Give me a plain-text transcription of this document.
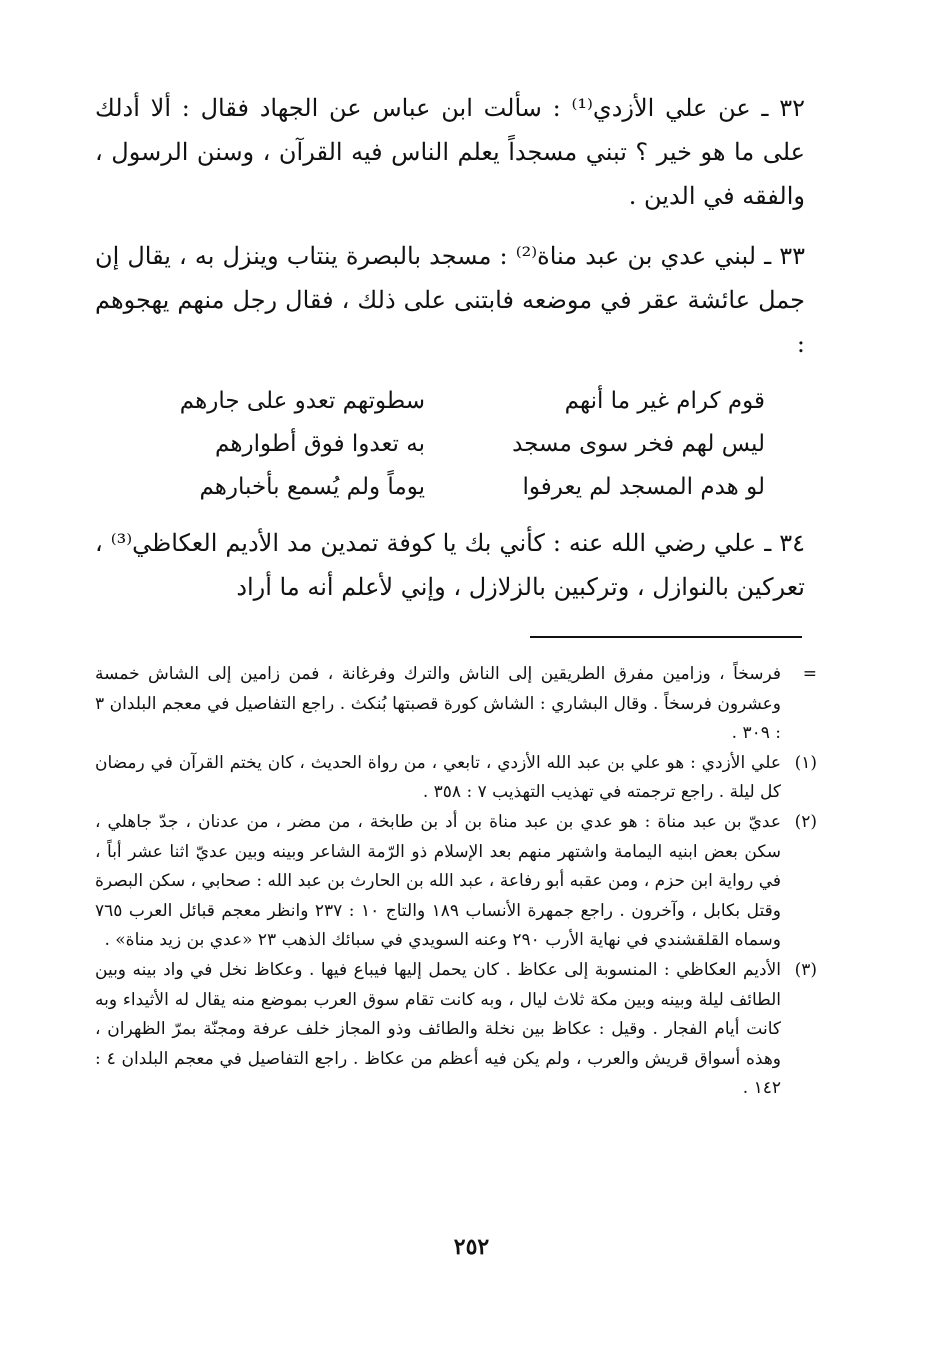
٣٢ ـ عن علي الأزدي⁽¹⁾ : سألت ابن عباس عن الجهاد فقال : ألا أدلك على ما هو خير ؟ تبني مسجداً يعلم الناس فيه القرآن ، وسنن الرسول ، والفقه في الدين .

٣٣ ـ لبني عدي بن عبد مناة⁽²⁾ : مسجد بالبصرة ينتاب وينزل به ، يقال إن جمل عائشة عقر في موضعه فابتنى على ذلك ، فقال رجل منهم يهجوهم :

قوم كرام غير ما أنهم
سطوتهم تعدو على جارهم
ليس لهم فخر سوى مسجد
به تعدوا فوق أطوارهم
لو هدم المسجد لم يعرفوا
يوماً ولم يُسمع بأخبارهم

٣٤ ـ علي رضي الله عنه : كأني بك يا كوفة تمدين مد الأديم العكاظي⁽³⁾ ، تعركين بالنوازل ، وتركبين بالزلازل ، وإني لأعلم أنه ما أراد

=
فرسخاً ، وزامين مفرق الطريقين إلى الناش والترك وفرغانة ، فمن زامين إلى الشاش خمسة وعشرون فرسخاً . وقال البشاري : الشاش كورة قصبتها بُنكث . راجع التفاصيل في معجم البلدان ٣ : ٣٠٩ .
(١)
علي الأزدي : هو علي بن عبد الله الأزدي ، تابعي ، من رواة الحديث ، كان يختم القرآن في رمضان كل ليلة . راجع ترجمته في تهذيب التهذيب ٧ : ٣٥٨ .
(٢)
عديّ بن عبد مناة : هو عدي بن عبد مناة بن أد بن طابخة ، من مضر ، من عدنان ، جدّ جاهلي ، سكن بعض ابنيه اليمامة واشتهر منهم بعد الإسلام ذو الرّمة الشاعر وبينه وبين عديّ اثنا عشر أباً ، في رواية ابن حزم ، ومن عقبه أبو رفاعة ، عبد الله بن الحارث بن عبد الله : صحابي ، سكن البصرة وقتل بكابل ، وآخرون . راجع جمهرة الأنساب ١٨٩ والتاج ١٠ : ٢٣٧ وانظر معجم قبائل العرب ٧٦٥ وسماه القلقشندي في نهاية الأرب ٢٩٠ وعنه السويدي في سبائك الذهب ٢٣ «عدي بن زيد مناة» .
(٣)
الأديم العكاظي : المنسوبة إلى عكاظ . كان يحمل إليها فيباع فيها . وعكاظ نخل في واد بينه وبين الطائف ليلة وبينه وبين مكة ثلاث ليال ، وبه كانت تقام سوق العرب بموضع منه يقال له الأثيداء وبه كانت أيام الفجار . وقيل : عكاظ بين نخلة والطائف وذو المجاز خلف عرفة ومجنّة بمرّ الظهران ، وهذه أسواق قريش والعرب ، ولم يكن فيه أعظم من عكاظ . راجع التفاصيل في معجم البلدان ٤ : ١٤٢ .
٢٥٢
